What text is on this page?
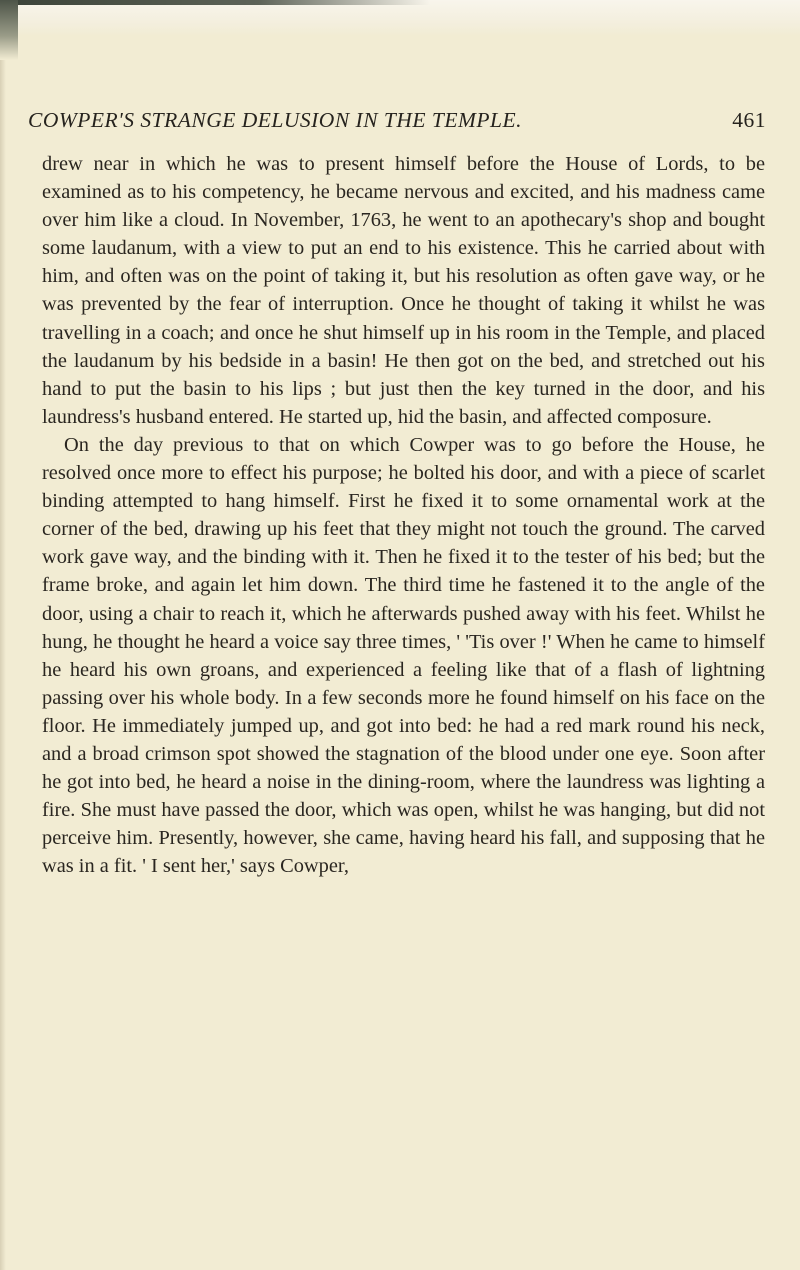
COWPER'S STRANGE DELUSION IN THE TEMPLE.	461

drew near in which he was to present himself before the House of Lords, to be examined as to his competency, he became nervous and excited, and his madness came over him like a cloud. In November, 1763, he went to an apothecary's shop and bought some laudanum, with a view to put an end to his existence. This he carried about with him, and often was on the point of taking it, but his resolution as often gave way, or he was prevented by the fear of interruption. Once he thought of taking it whilst he was travelling in a coach; and once he shut himself up in his room in the Temple, and placed the laudanum by his bedside in a basin! He then got on the bed, and stretched out his hand to put the basin to his lips ; but just then the key turned in the door, and his laundress's husband entered. He started up, hid the basin, and affected composure.

On the day previous to that on which Cowper was to go before the House, he resolved once more to effect his purpose; he bolted his door, and with a piece of scarlet binding attempted to hang himself. First he fixed it to some ornamental work at the corner of the bed, drawing up his feet that they might not touch the ground. The carved work gave way, and the binding with it. Then he fixed it to the tester of his bed; but the frame broke, and again let him down. The third time he fastened it to the angle of the door, using a chair to reach it, which he afterwards pushed away with his feet. Whilst he hung, he thought he heard a voice say three times, ' 'Tis over !' When he came to himself he heard his own groans, and experienced a feeling like that of a flash of lightning passing over his whole body. In a few seconds more he found himself on his face on the floor. He immediately jumped up, and got into bed: he had a red mark round his neck, and a broad crimson spot showed the stagnation of the blood under one eye. Soon after he got into bed, he heard a noise in the dining-room, where the laundress was lighting a fire. She must have passed the door, which was open, whilst he was hanging, but did not perceive him. Presently, however, she came, having heard his fall, and supposing that he was in a fit. ' I sent her,' says Cowper,
